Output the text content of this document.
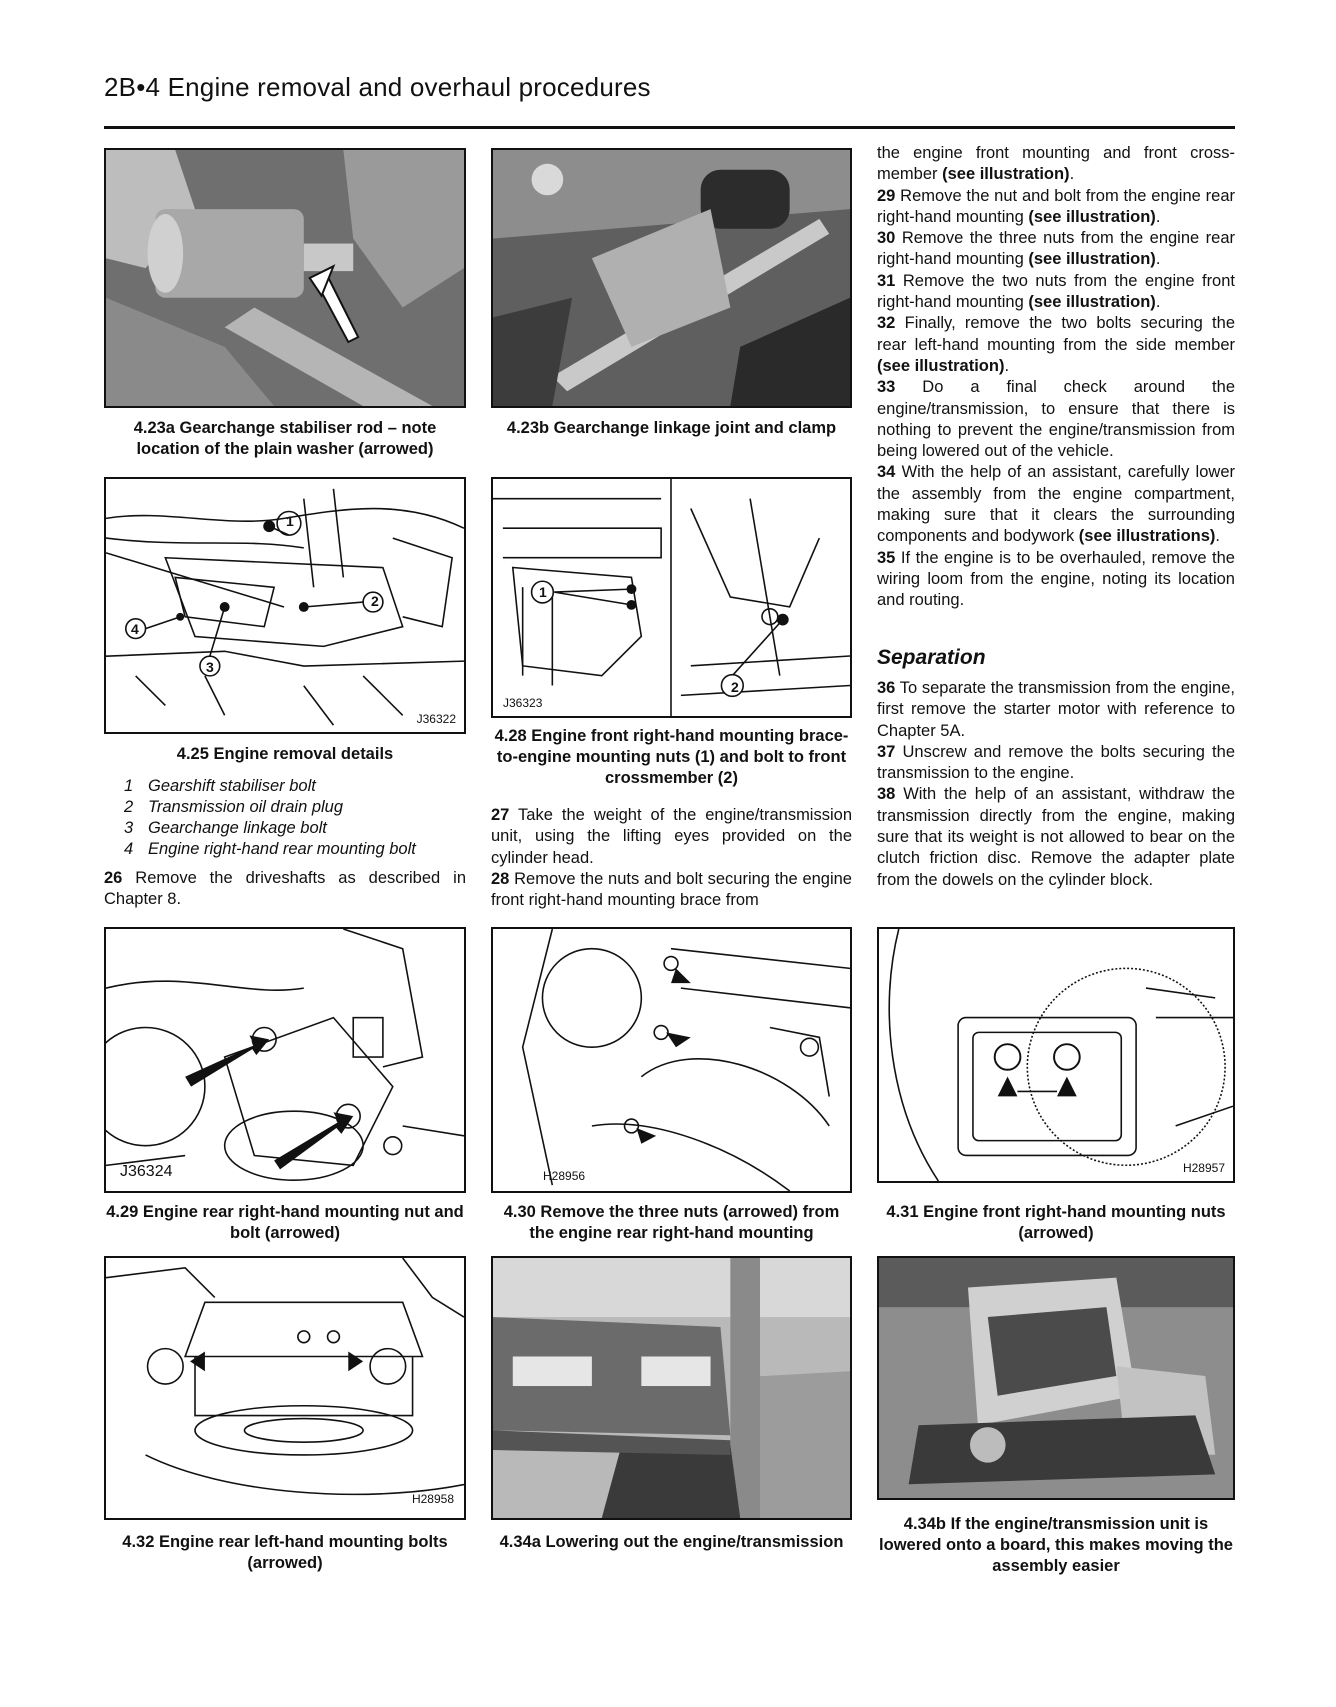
2B•4 Engine removal and overhaul procedures
4.23a Gearchange stabiliser rod – note location of the plain washer (arrowed)
4.23b Gearchange linkage joint and clamp
1
2
4
3
J36322
4.25 Engine removal details
1 Gearshift stabiliser bolt
2 Transmission oil drain plug
3 Gearchange linkage bolt
4 Engine right-hand rear mounting bolt

26 Remove the driveshafts as described in Chapter 8.

1
2
J36323
4.28 Engine front right-hand mounting brace-to-engine mounting nuts (1) and bolt to front crossmember (2)

27 Take the weight of the engine/transmission unit, using the lifting eyes provided on the cylinder head.

28 Remove the nuts and bolt securing the engine front right-hand mounting brace from

the engine front mounting and front cross-member (see illustration).

29 Remove the nut and bolt from the engine rear right-hand mounting (see illustration).

30 Remove the three nuts from the engine rear right-hand mounting (see illustration).

31 Remove the two nuts from the engine front right-hand mounting (see illustration).

32 Finally, remove the two bolts securing the rear left-hand mounting from the side member (see illustration).

33 Do a final check around the engine/transmission, to ensure that there is nothing to prevent the engine/transmission from being lowered out of the vehicle.

34 With the help of an assistant, carefully lower the assembly from the engine compartment, making sure that it clears the surrounding components and bodywork (see illustrations).

35 If the engine is to be overhauled, remove the wiring loom from the engine, noting its location and routing.

Separation

36 To separate the transmission from the engine, first remove the starter motor with reference to Chapter 5A.

37 Unscrew and remove the bolts securing the transmission to the engine.

38 With the help of an assistant, withdraw the transmission directly from the engine, making sure that its weight is not allowed to bear on the clutch friction disc. Remove the adapter plate from the dowels on the cylinder block.

J36324
4.29 Engine rear right-hand mounting nut and bolt (arrowed)
H28956
4.30 Remove the three nuts (arrowed) from the engine rear right-hand mounting
H28957
4.31 Engine front right-hand mounting nuts (arrowed)
H28958
4.32 Engine rear left-hand mounting bolts (arrowed)
4.34a Lowering out the engine/transmission
4.34b If the engine/transmission unit is lowered onto a board, this makes moving the assembly easier
